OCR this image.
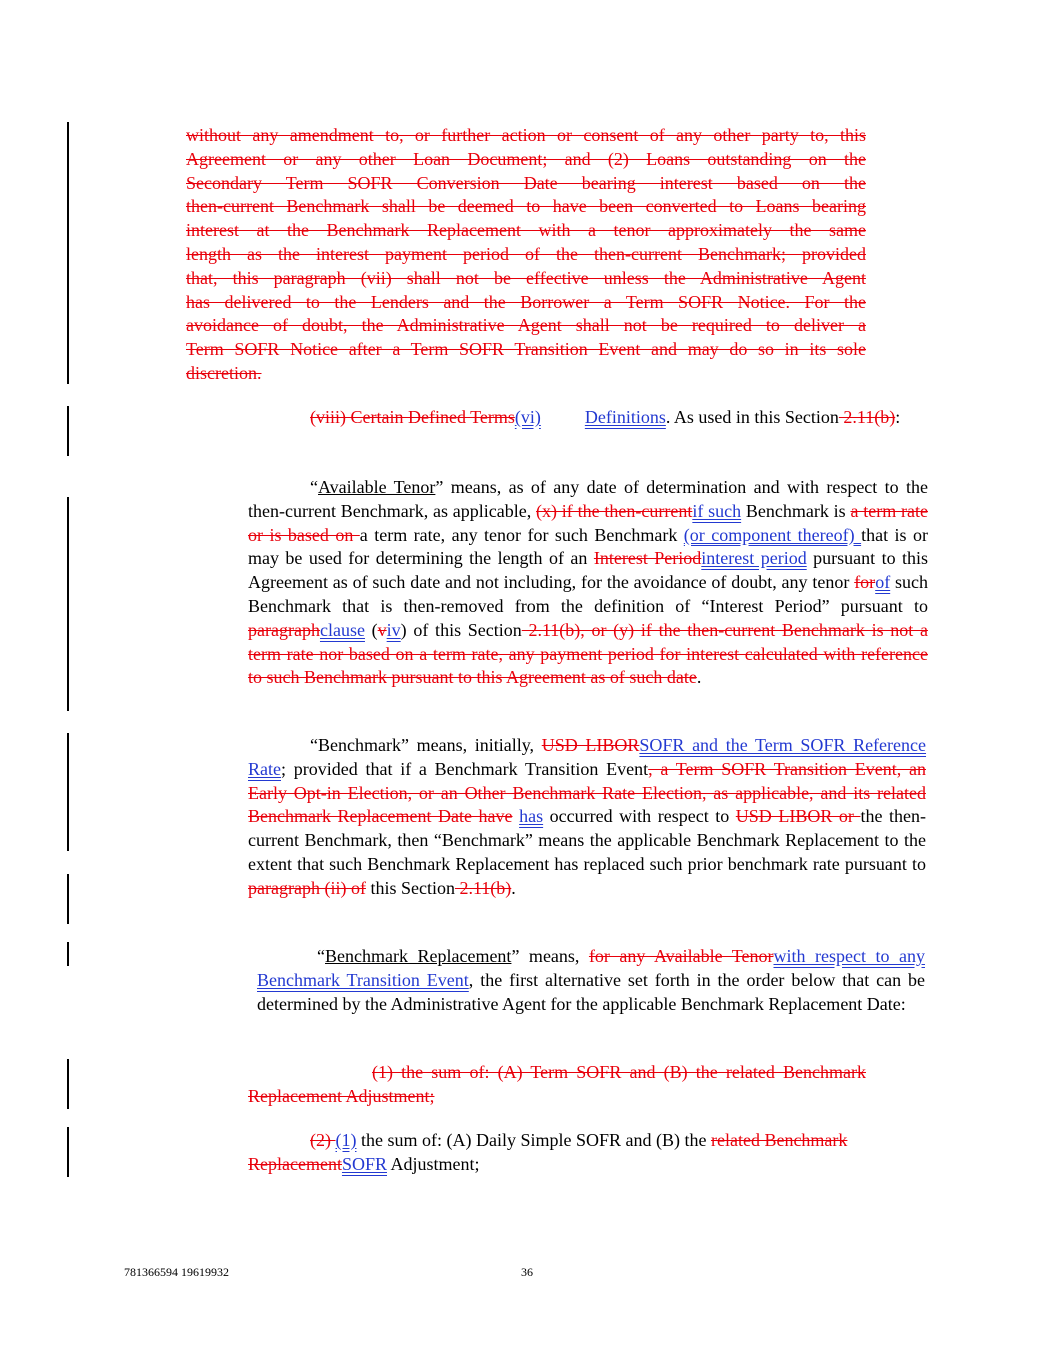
without any amendment to, or further action or consent of any other party to, this
Agreement or any other Loan Document; and (2) Loans outstanding on the
Secondary Term SOFR Conversion Date bearing interest based on the
then-current Benchmark shall be deemed to have been converted to Loans bearing
interest at the Benchmark Replacement with a tenor approximately the same
length as the interest payment period of the then-current Benchmark; provided
that, this paragraph (vii) shall not be effective unless the Administrative Agent
has delivered to the Lenders and the Borrower a Term SOFR Notice. For the
avoidance of doubt, the Administrative Agent shall not be required to deliver a
Term SOFR Notice after a Term SOFR Transition Event and may do so in its sole
discretion.
(viii) Certain Defined Terms(vi) Definitions. As used in this Section 2.11(b):
“Available Tenor” means, as of any date of determination and with respect to the then-current Benchmark, as applicable, (x) if the then-currentif such Benchmark is a term rate or is based on a term rate, any tenor for such Benchmark (or component thereof) that is or may be used for determining the length of an Interest Periodinterest period pursuant to this Agreement as of such date and not including, for the avoidance of doubt, any tenor forof such Benchmark that is then-removed from the definition of “Interest Period” pursuant to paragraphclause (viv) of this Section 2.11(b), or (y) if the then-current Benchmark is not a term rate nor based on a term rate, any payment period for interest calculated with reference to such Benchmark pursuant to this Agreement as of such date.
“Benchmark” means, initially, USD LIBORSOFR and the Term SOFR Reference Rate; provided that if a Benchmark Transition Event, a Term SOFR Transition Event, an Early Opt-in Election, or an Other Benchmark Rate Election, as applicable, and its related Benchmark Replacement Date have has occurred with respect to USD LIBOR or the then-current Benchmark, then “Benchmark” means the applicable Benchmark Replacement to the extent that such Benchmark Replacement has replaced such prior benchmark rate pursuant to paragraph (ii) of this Section 2.11(b).
“Benchmark Replacement” means, for any Available Tenorwith respect to any Benchmark Transition Event, the first alternative set forth in the order below that can be determined by the Administrative Agent for the applicable Benchmark Replacement Date:
(1) the sum of: (A) Term SOFR and (B) the related Benchmark Replacement Adjustment;
(2) (1) the sum of: (A) Daily Simple SOFR and (B) the related Benchmark ReplacementSOFR Adjustment;
781366594 19619932	36
